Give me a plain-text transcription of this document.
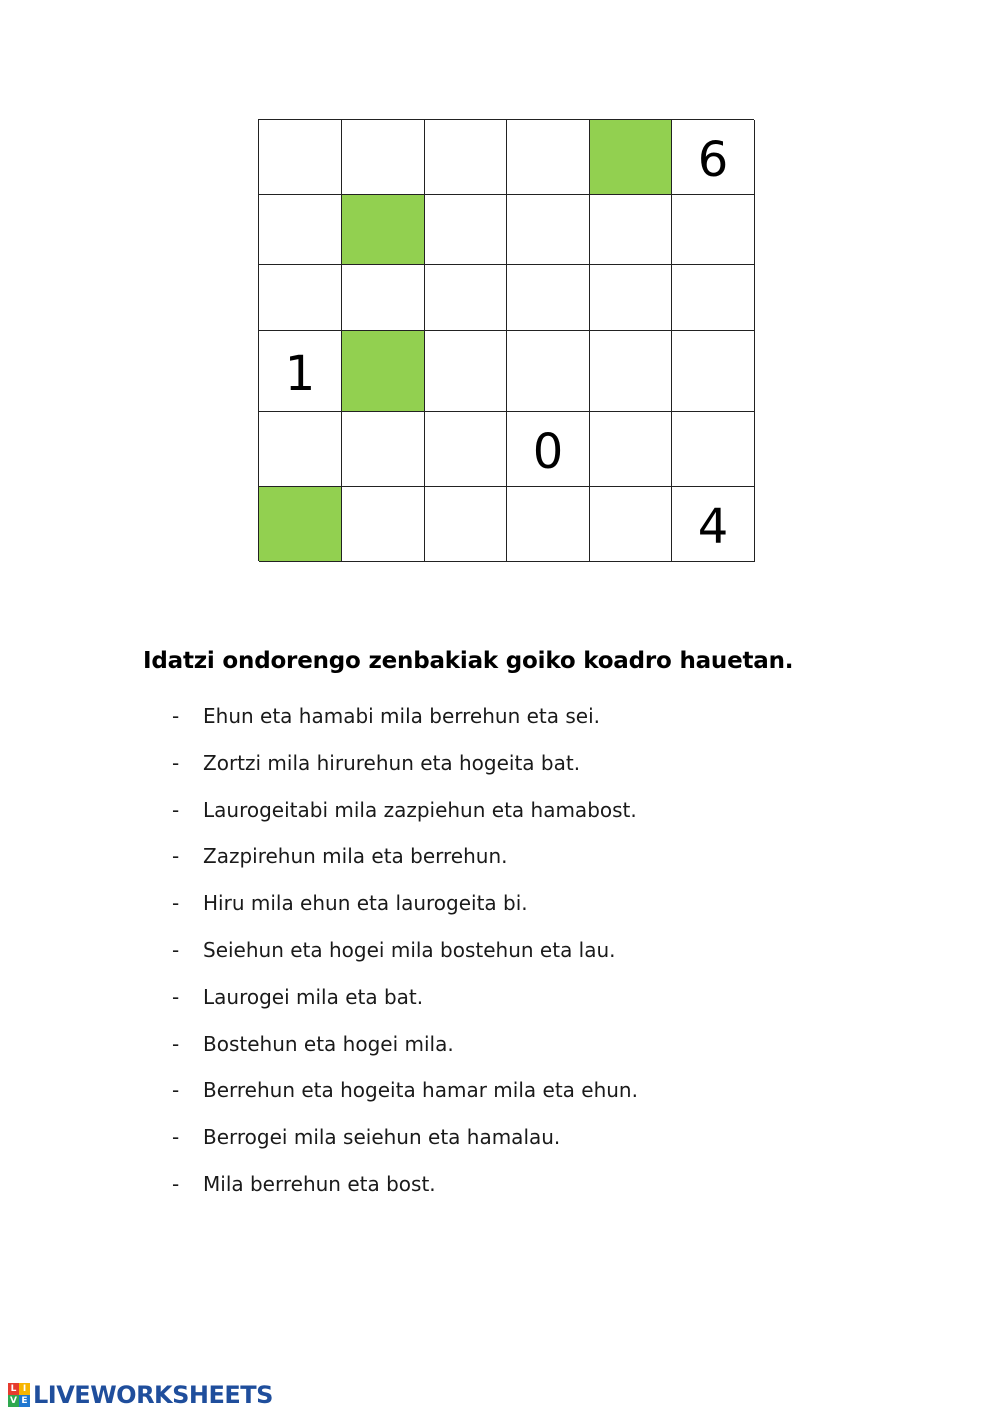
6
1
0
4
Idatzi ondorengo zenbakiak goiko koadro hauetan.
-	Ehun eta hamabi mila berrehun eta sei.
-	Zortzi mila hirurehun eta hogeita bat.
-	Laurogeitabi mila zazpiehun eta hamabost.
-	Zazpirehun mila eta berrehun.
-	Hiru mila ehun eta laurogeita bi.
-	Seiehun eta hogei mila bostehun eta lau.
-	Laurogei mila eta bat.
-	Bostehun eta hogei mila.
-	Berrehun eta hogeita hamar mila eta ehun.
-	Berrogei mila seiehun eta hamalau.
-	Mila berrehun eta bost.
L I
V E LIVEWORKSHEETS
